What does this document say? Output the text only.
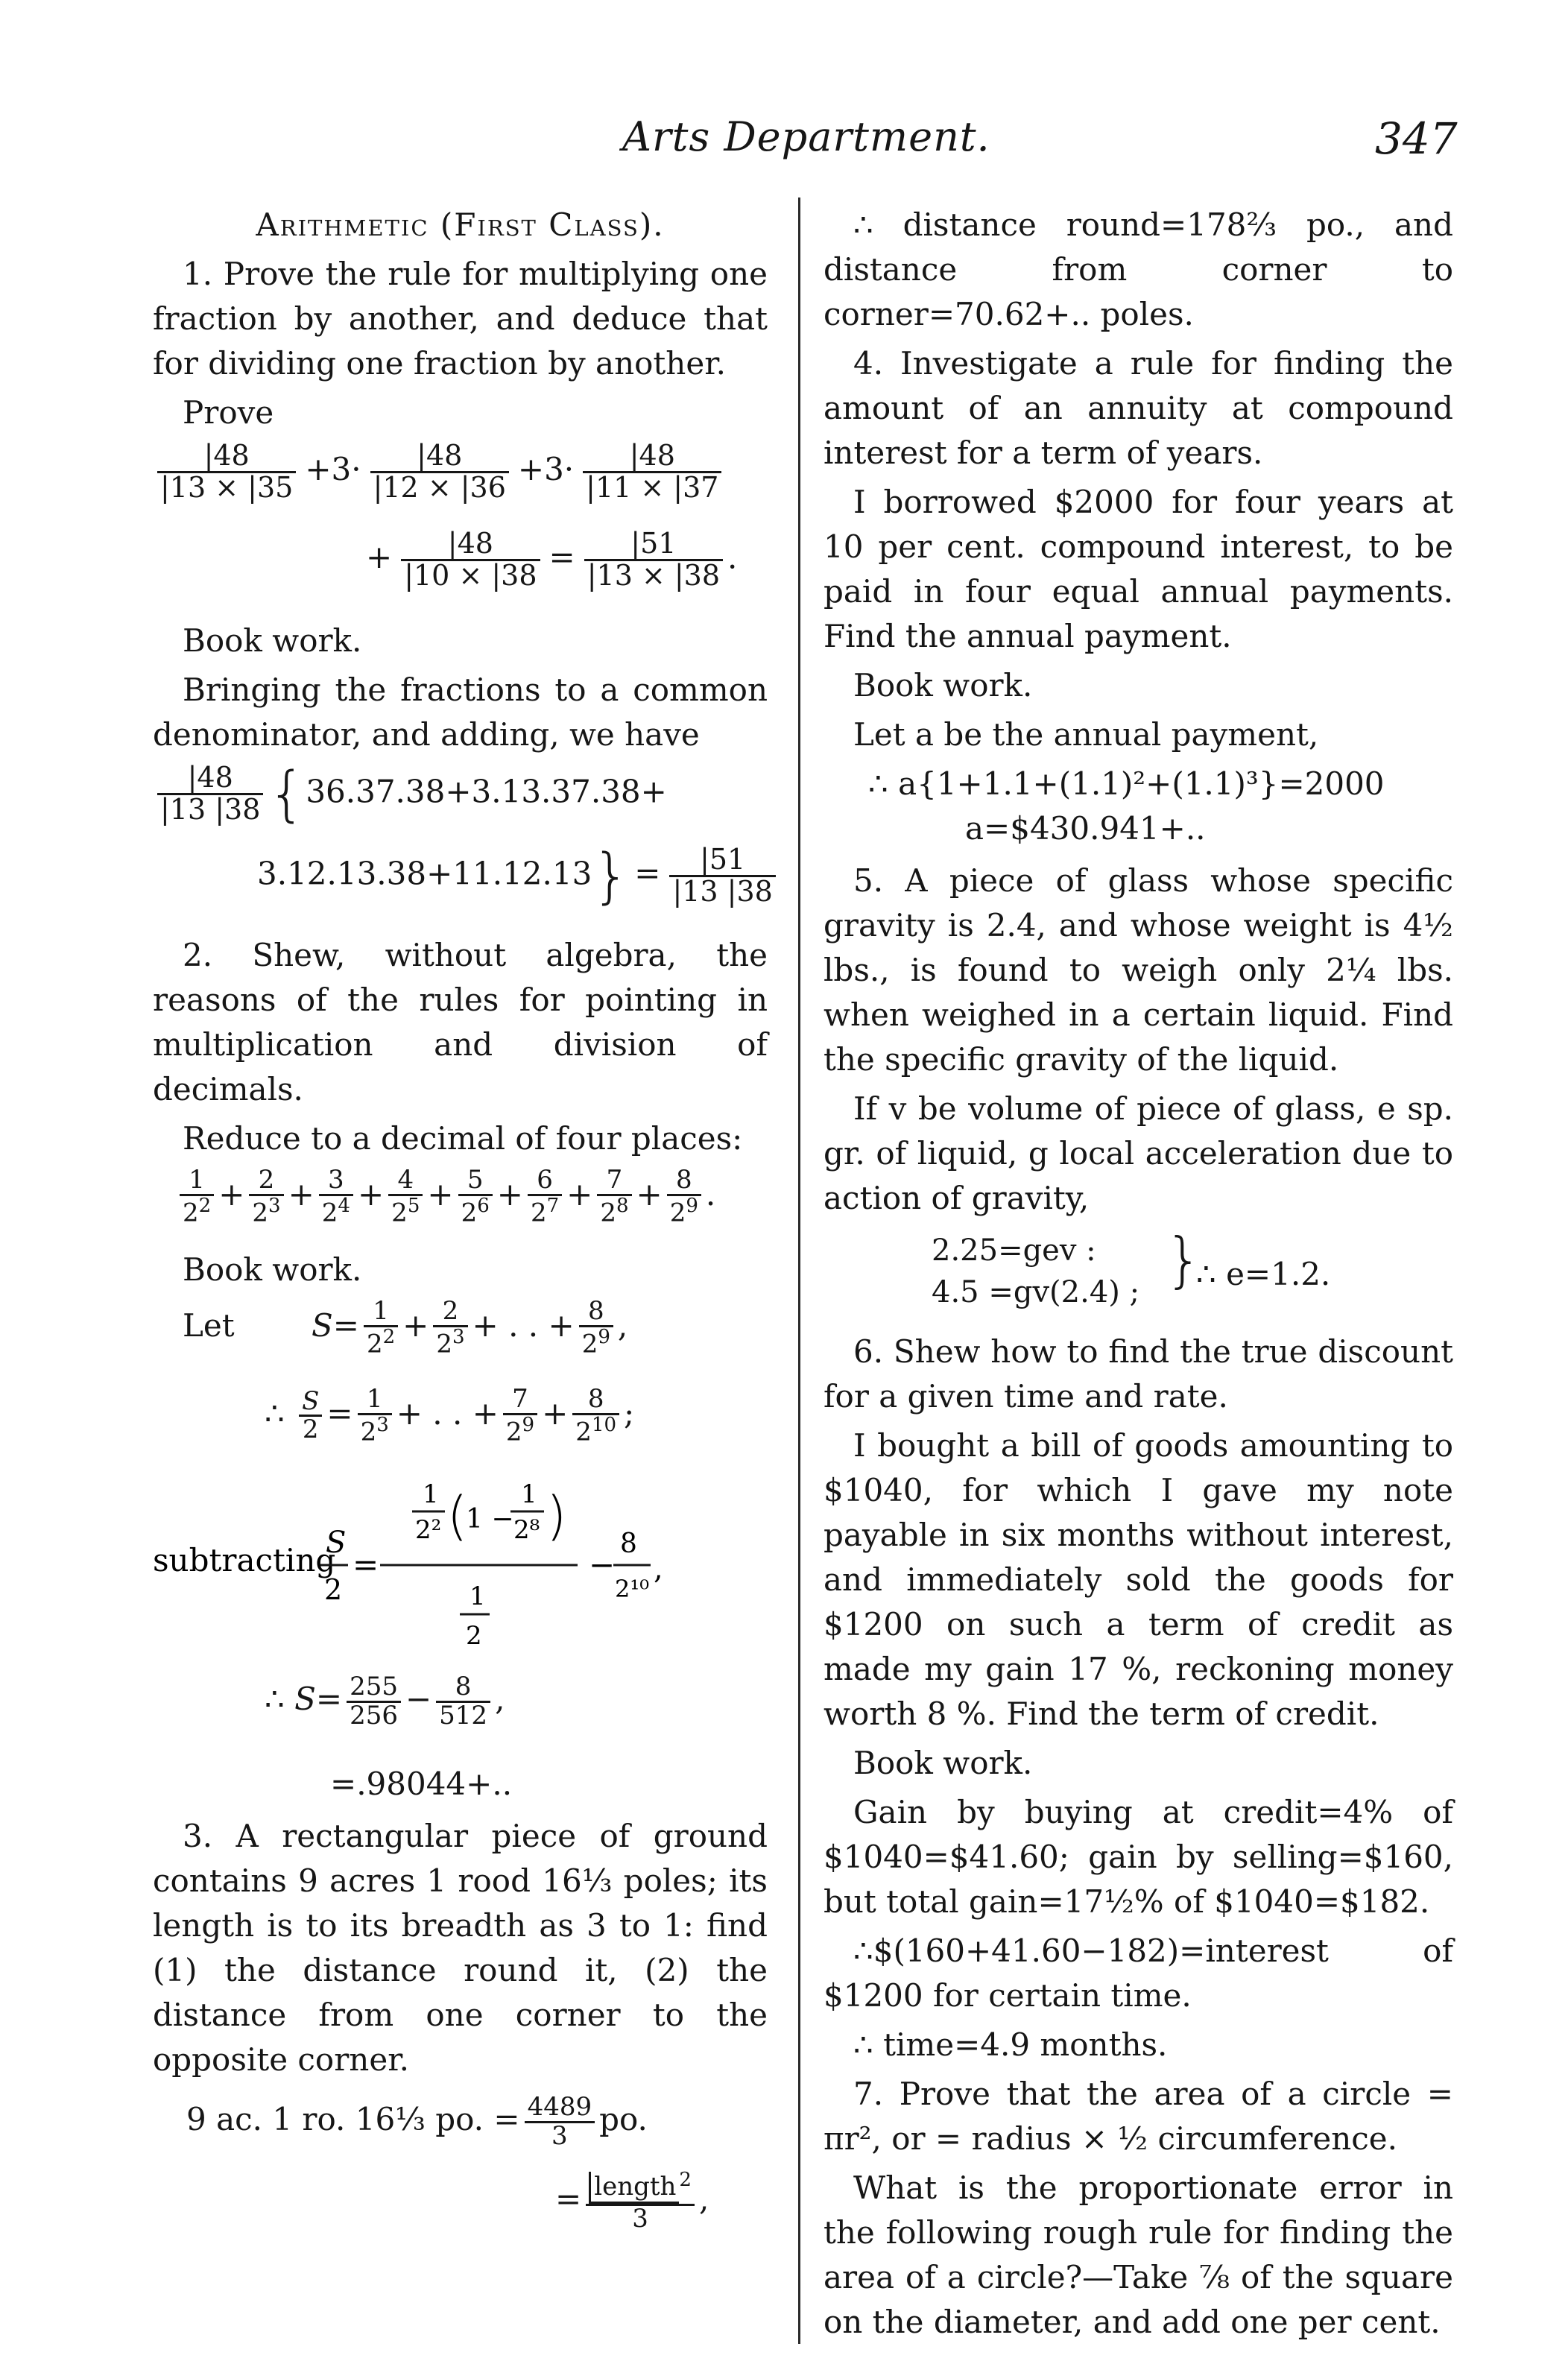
Arts Department.	347

Arithmetic (First Class).

1. Prove the rule for multiplying one fraction by another, and deduce that for dividing one fraction by another.

Prove

$\frac{|48}{|13 \times |35} +3\cdot \frac{|48}{|12 \times |36} +3\cdot \frac{|48}{|11 \times |37}$
+ $\frac{|48}{|10 \times |38} = \frac{|51}{|13 \times |38}$ .

Book work.

Bringing the fractions to a common denominator, and adding, we have

$\frac{|48}{|13 |38} \{36.37.38+3.13.37.38+$
$3.12.13.38+11.12.13\} = \frac{|51}{|13 |38}$

2. Shew, without algebra, the reasons of the rules for pointing in multiplication and division of decimals.

Reduce to a decimal of four places:

$\frac{1}{2^2} + \frac{2}{2^3} + \frac{3}{2^4} + \frac{4}{2^5} + \frac{5}{2^6} + \frac{6}{2^7} + \frac{7}{2^8} + \frac{8}{2^9}$ .

Book work.

Let $S= \frac{1}{2^2} + \frac{2}{2^3}$ + . . + $\frac{8}{2^9}$ ,
∴ $\frac{S}{2} = \frac{1}{2^3}$ + . . + $\frac{7}{2^9} + \frac{8}{2^{10}}$ ;
subtracting
S
2
=
1
2² (
1 −
1
2⁸ )
1
2
−
8
2¹⁰
,
∴ $S= \frac{255}{256} - \frac{8}{512}$ ,

=.98044+..

3. A rectangular piece of ground contains 9 acres 1 rood 16⅓ poles; its length is to its breadth as 3 to 1: find (1) the distance round it, (2) the distance from one corner to the opposite corner.

9 ac. 1 ro. 16⅓ po. = $\frac{4489}{3}$ po.
= $\frac{length ^2}{3}$ ,

∴ distance round=178⅔ po., and distance from corner to corner=70.62+.. poles.

4. Investigate a rule for finding the amount of an annuity at compound interest for a term of years.

I borrowed $2000 for four years at 10 per cent. compound interest, to be paid in four equal annual payments. Find the annual payment.

Book work.

Let a be the annual payment,

∴ a{1+1.1+(1.1)²+(1.1)³}=2000

a=$430.941+..

5. A piece of glass whose specific gravity is 2.4, and whose weight is 4½ lbs., is found to weigh only 2¼ lbs. when weighed in a certain liquid. Find the specific gravity of the liquid.

If v be volume of piece of glass, e sp. gr. of liquid, g local acceleration due to action of gravity,

2.25=gev :
4.5 =gv(2.4) ; }
∴ e=1.2.

6. Shew how to find the true discount for a given time and rate.

I bought a bill of goods amounting to $1040, for which I gave my note payable in six months without interest, and immediately sold the goods for $1200 on such a term of credit as made my gain 17 %, reckoning money worth 8 %. Find the term of credit.

Book work.

Gain by buying at credit=4% of $1040=$41.60; gain by selling=$160, but total gain=17½% of $1040=$182.

∴$(160+41.60−182)=interest of $1200 for certain time.

∴ time=4.9 months.

7. Prove that the area of a circle = πr², or = radius × ½ circumference.

What is the proportionate error in the following rough rule for finding the area of a circle?—Take ⅞ of the square on the diameter, and add one per cent.
